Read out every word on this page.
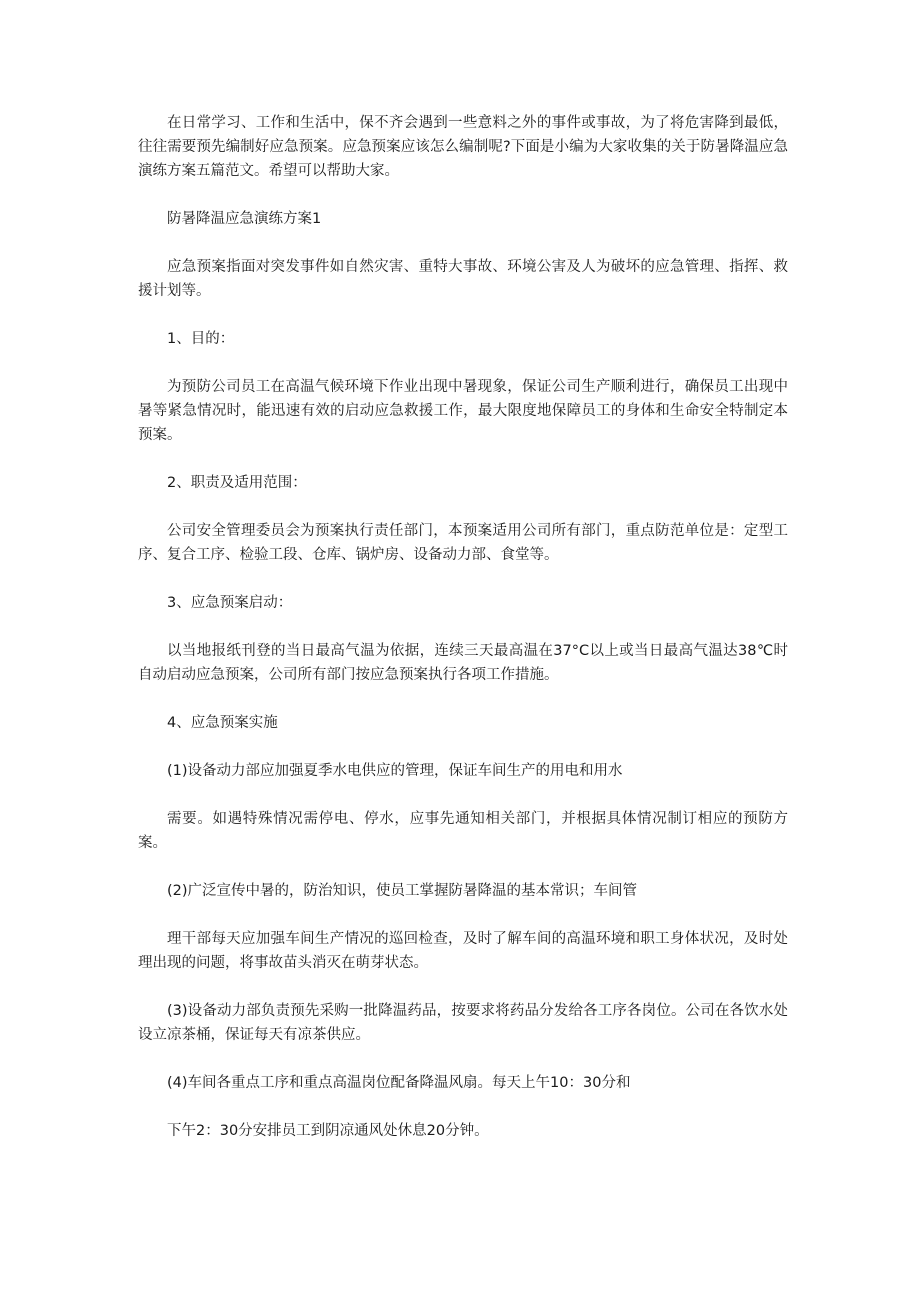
在日常学习、工作和生活中，保不齐会遇到一些意料之外的事件或事故，为了将危害降到最低，往往需要预先编制好应急预案。应急预案应该怎么编制呢?下面是小编为大家收集的关于防暑降温应急演练方案五篇范文。希望可以帮助大家。

防暑降温应急演练方案1

应急预案指面对突发事件如自然灾害、重特大事故、环境公害及人为破坏的应急管理、指挥、救援计划等。

1、目的：

为预防公司员工在高温气候环境下作业出现中暑现象，保证公司生产顺利进行，确保员工出现中暑等紧急情况时，能迅速有效的启动应急救援工作，最大限度地保障员工的身体和生命安全特制定本预案。

2、职责及适用范围：

公司安全管理委员会为预案执行责任部门，本预案适用公司所有部门，重点防范单位是：定型工序、复合工序、检验工段、仓库、锅炉房、设备动力部、食堂等。

3、应急预案启动：

以当地报纸刊登的当日最高气温为依据，连续三天最高温在37°C以上或当日最高气温达38℃时自动启动应急预案，公司所有部门按应急预案执行各项工作措施。

4、应急预案实施

(1)设备动力部应加强夏季水电供应的管理，保证车间生产的用电和用水

需要。如遇特殊情况需停电、停水，应事先通知相关部门，并根据具体情况制订相应的预防方案。

(2)广泛宣传中暑的，防治知识，使员工掌握防暑降温的基本常识；车间管

理干部每天应加强车间生产情况的巡回检查，及时了解车间的高温环境和职工身体状况，及时处理出现的问题，将事故苗头消灭在萌芽状态。

(3)设备动力部负责预先采购一批降温药品，按要求将药品分发给各工序各岗位。公司在各饮水处设立凉茶桶，保证每天有凉茶供应。

(4)车间各重点工序和重点高温岗位配备降温风扇。每天上午10：30分和

下午2：30分安排员工到阴凉通风处休息20分钟。
